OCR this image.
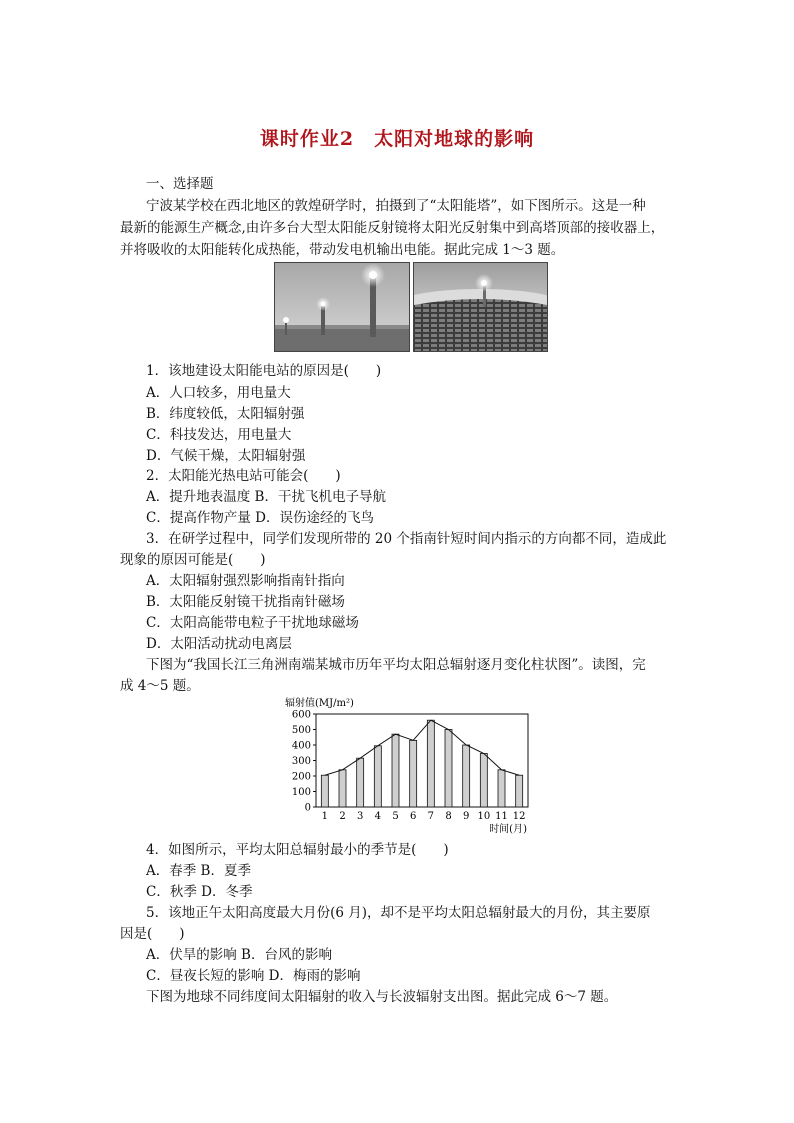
课时作业2　太阳对地球的影响
一、选择题
宁波某学校在西北地区的敦煌研学时，拍摄到了“太阳能塔”，如下图所示。这是一种
最新的能源生产概念,由许多台大型太阳能反射镜将太阳光反射集中到高塔顶部的接收器上，
并将吸收的太阳能转化成热能，带动发电机输出电能。据此完成 1～3 题。
1．该地建设太阳能电站的原因是(　　)
A．人口较多，用电量大
B．纬度较低，太阳辐射强
C．科技发达，用电量大
D．气候干燥，太阳辐射强
2．太阳能光热电站可能会(　　)
A．提升地表温度 B．干扰飞机电子导航
C．提高作物产量 D．误伤途经的飞鸟
3．在研学过程中，同学们发现所带的 20 个指南针短时间内指示的方向都不同，造成此
现象的原因可能是(　　)
A．太阳辐射强烈影响指南针指向
B．太阳能反射镜干扰指南针磁场
C．太阳高能带电粒子干扰地球磁场
D．太阳活动扰动电离层
下图为“我国长江三角洲南端某城市历年平均太阳总辐射逐月变化柱状图”。读图，完
成 4～5 题。
辐射值(MJ/m²)
0
100
200
300
400
500
600
1 2 3 4 5 6 7 8 9 10 11 12
时间(月)
4．如图所示，平均太阳总辐射最小的季节是(　　)
A．春季 B．夏季
C．秋季 D．冬季
5．该地正午太阳高度最大月份(6 月)，却不是平均太阳总辐射最大的月份，其主要原
因是(　　)
A．伏旱的影响 B．台风的影响
C．昼夜长短的影响 D．梅雨的影响
下图为地球不同纬度间太阳辐射的收入与长波辐射支出图。据此完成 6～7 题。
